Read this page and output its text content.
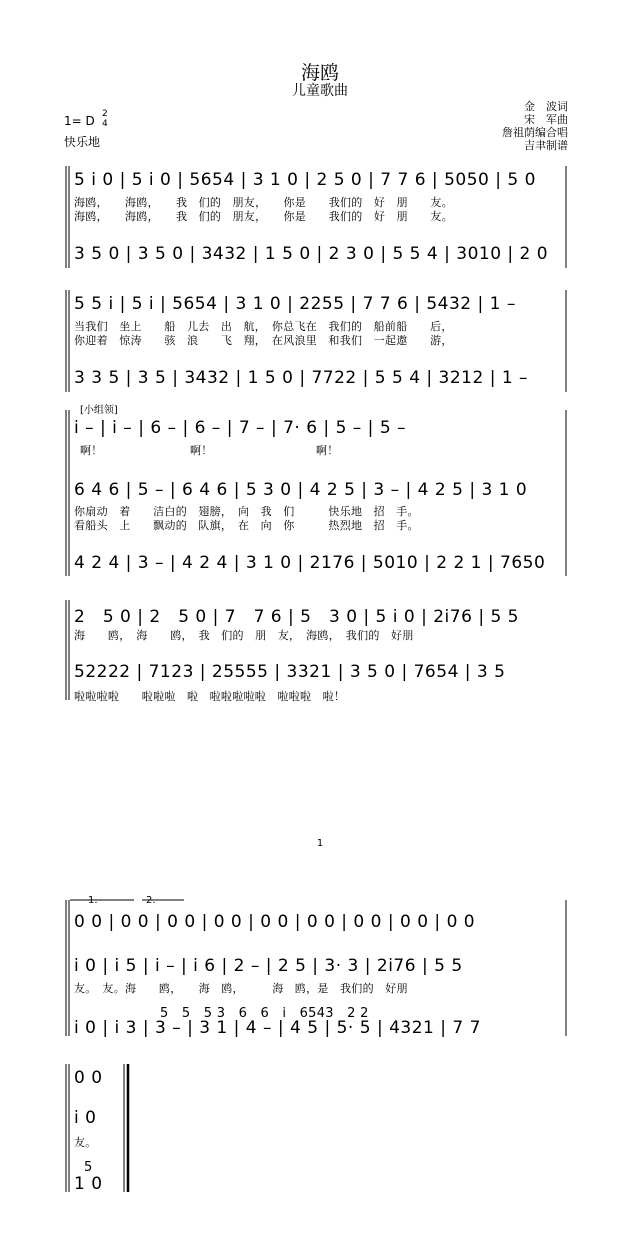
海鸥
儿童歌曲
金　波词
宋　军曲
詹祖荫编合唱
吉聿制谱
1= D 2
4
快乐地
5 i 0 | 5 i 0 | 5654 | 3 1 0 | 2 5 0 | 7 7 6 | 5050 | 5 0
海鸥，　　海鸥，　　我　们的　朋友，　　你是　　我们的　好　朋　　友。
海鸥，　　海鸥，　　我　们的　朋友，　　你是　　我们的　好　朋　　友。
3 5 0 | 3 5 0 | 3432 | 1 5 0 | 2 3 0 | 5 5 4 | 3010 | 2 0
5 5 i | 5 i | 5654 | 3 1 0 | 2255 | 7 7 6 | 5432 | 1 –
当我们　坐上　　船　儿去　出　航，　你总飞在　我们的　船前船　　后，
你迎着　惊涛　　骇　浪　　飞　翔，　在风浪里　和我们　一起遨　　游，
3 3 5 | 3 5 | 3432 | 1 5 0 | 7722 | 5 5 4 | 3212 | 1 –
[小组领]
i – | i – | 6 – | 6 – | 7 – | 7· 6 | 5 – | 5 –
啊！	啊！	啊！
6 4 6 | 5 – | 6 4 6 | 5 3 0 | 4 2 5 | 3 – | 4 2 5 | 3 1 0
你扇动　着　　洁白的　翅膀，　向　我　们　　　快乐地　招　手。
看船头　上　　飘动的　队旗，　在　向　你　　　热烈地　招　手。
4 2 4 | 3 – | 4 2 4 | 3 1 0 | 2176 | 5010 | 2 2 1 | 7650
2　5 0 | 2　5 0 | 7　7 6 | 5　3 0 | 5 i 0 | 2i76 | 5 5
海　　鸥，　海　　鸥，　我　们的　朋　友，　海鸥，　我们的　好朋
52222 | 7123 | 25555 | 3321 | 3 5 0 | 7654 | 3 5
啦啦啦啦　　啦啦啦　啦　啦啦啦啦啦　啦啦啦　啦！
1
1.	2.
0 0 | 0 0 | 0 0 | 0 0 | 0 0 | 0 0 | 0 0 | 0 0 | 0 0
i 0 | i 5 | i – | i 6 | 2 – | 2 5 | 3· 3 | 2i76 | 5 5
友。　友。海　　鸥，　　海　鸥，　　　海　鸥，是　我们的　好朋
5　5　5 3　6　6　i　6543　2 2
i 0 | i 3 | 3 – | 3 1 | 4 – | 4 5 | 5· 5 | 4321 | 7 7
0 0
i 0
友。
5
1 0
